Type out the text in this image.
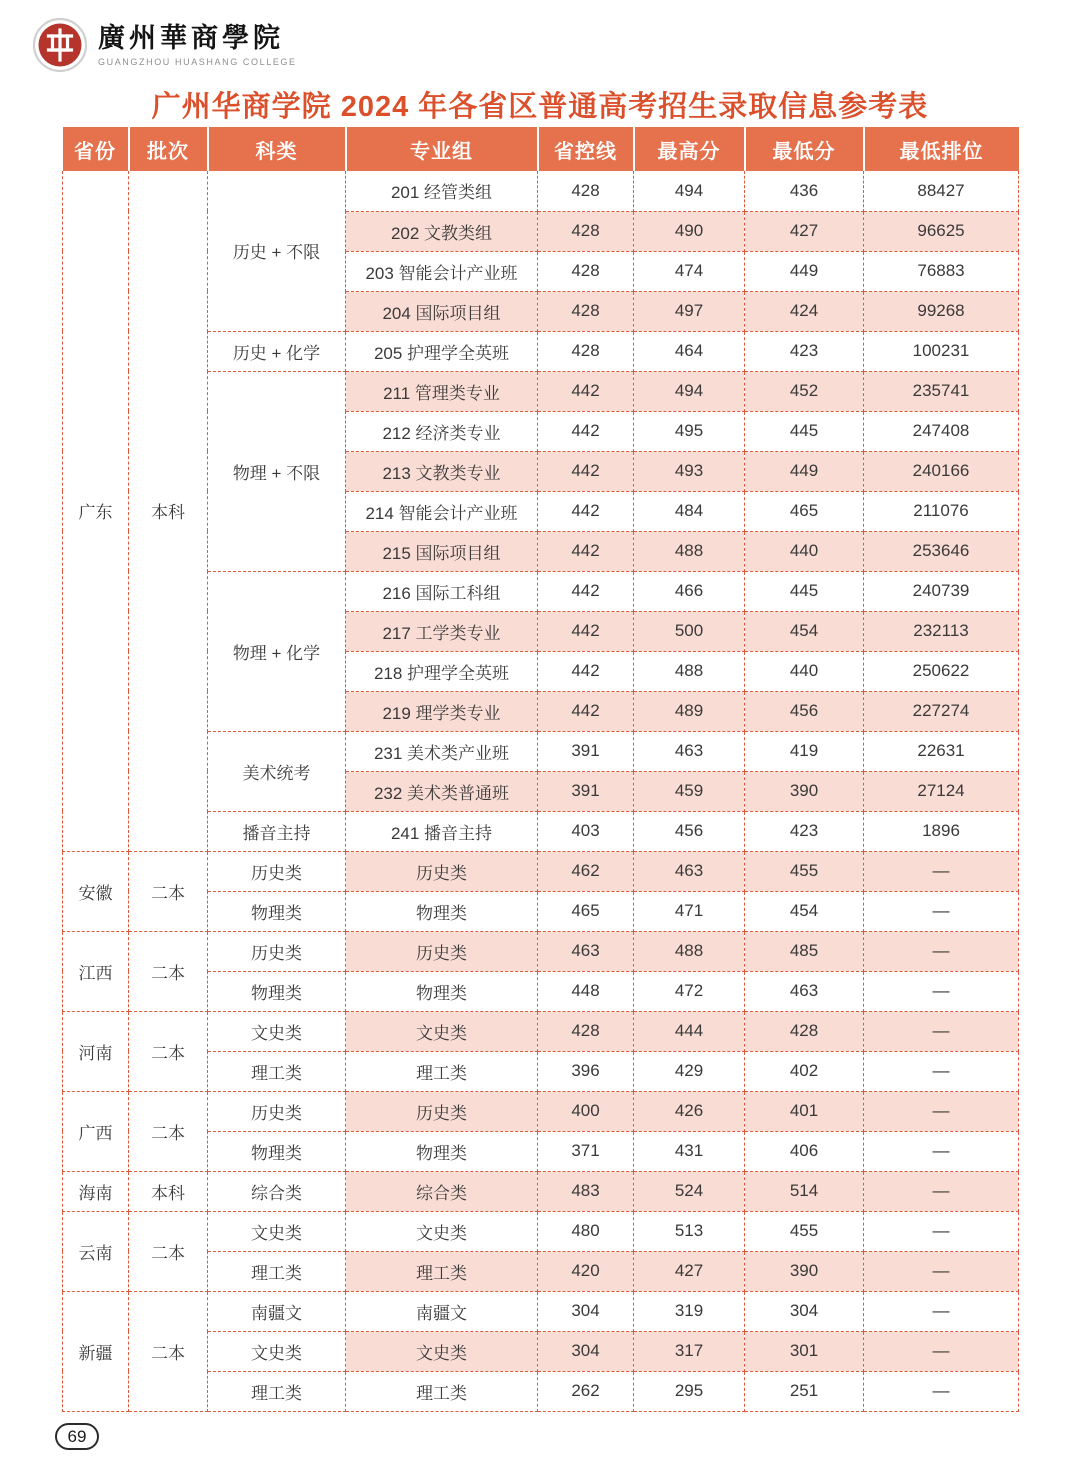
廣州華商學院
GUANGZHOU HUASHANG COLLEGE
广州华商学院 2024 年各省区普通高考招生录取信息参考表
省份	批次	科类	专业组	省控线	最高分	最低分	最低排位
广东	本科	历史 + 不限	201 经管类组	428	494	436	88427
			202 文教类组	428	490	427	96625
			203 智能会计产业班	428	474	449	76883
			204 国际项目组	428	497	424	99268
		历史 + 化学	205 护理学全英班	428	464	423	100231
		物理 + 不限	211 管理类专业	442	494	452	235741
			212 经济类专业	442	495	445	247408
			213 文教类专业	442	493	449	240166
			214 智能会计产业班	442	484	465	211076
			215 国际项目组	442	488	440	253646
		物理 + 化学	216 国际工科组	442	466	445	240739
			217 工学类专业	442	500	454	232113
			218 护理学全英班	442	488	440	250622
			219 理学类专业	442	489	456	227274
		美术统考	231 美术类产业班	391	463	419	22631
			232 美术类普通班	391	459	390	27124
		播音主持	241 播音主持	403	456	423	1896
安徽	二本	历史类	历史类	462	463	455	—
		物理类	物理类	465	471	454	—
江西	二本	历史类	历史类	463	488	485	—
		物理类	物理类	448	472	463	—
河南	二本	文史类	文史类	428	444	428	—
		理工类	理工类	396	429	402	—
广西	二本	历史类	历史类	400	426	401	—
		物理类	物理类	371	431	406	—
海南	本科	综合类	综合类	483	524	514	—
云南	二本	文史类	文史类	480	513	455	—
		理工类	理工类	420	427	390	—
新疆	二本	南疆文	南疆文	304	319	304	—
		文史类	文史类	304	317	301	—
		理工类	理工类	262	295	251	—
69
